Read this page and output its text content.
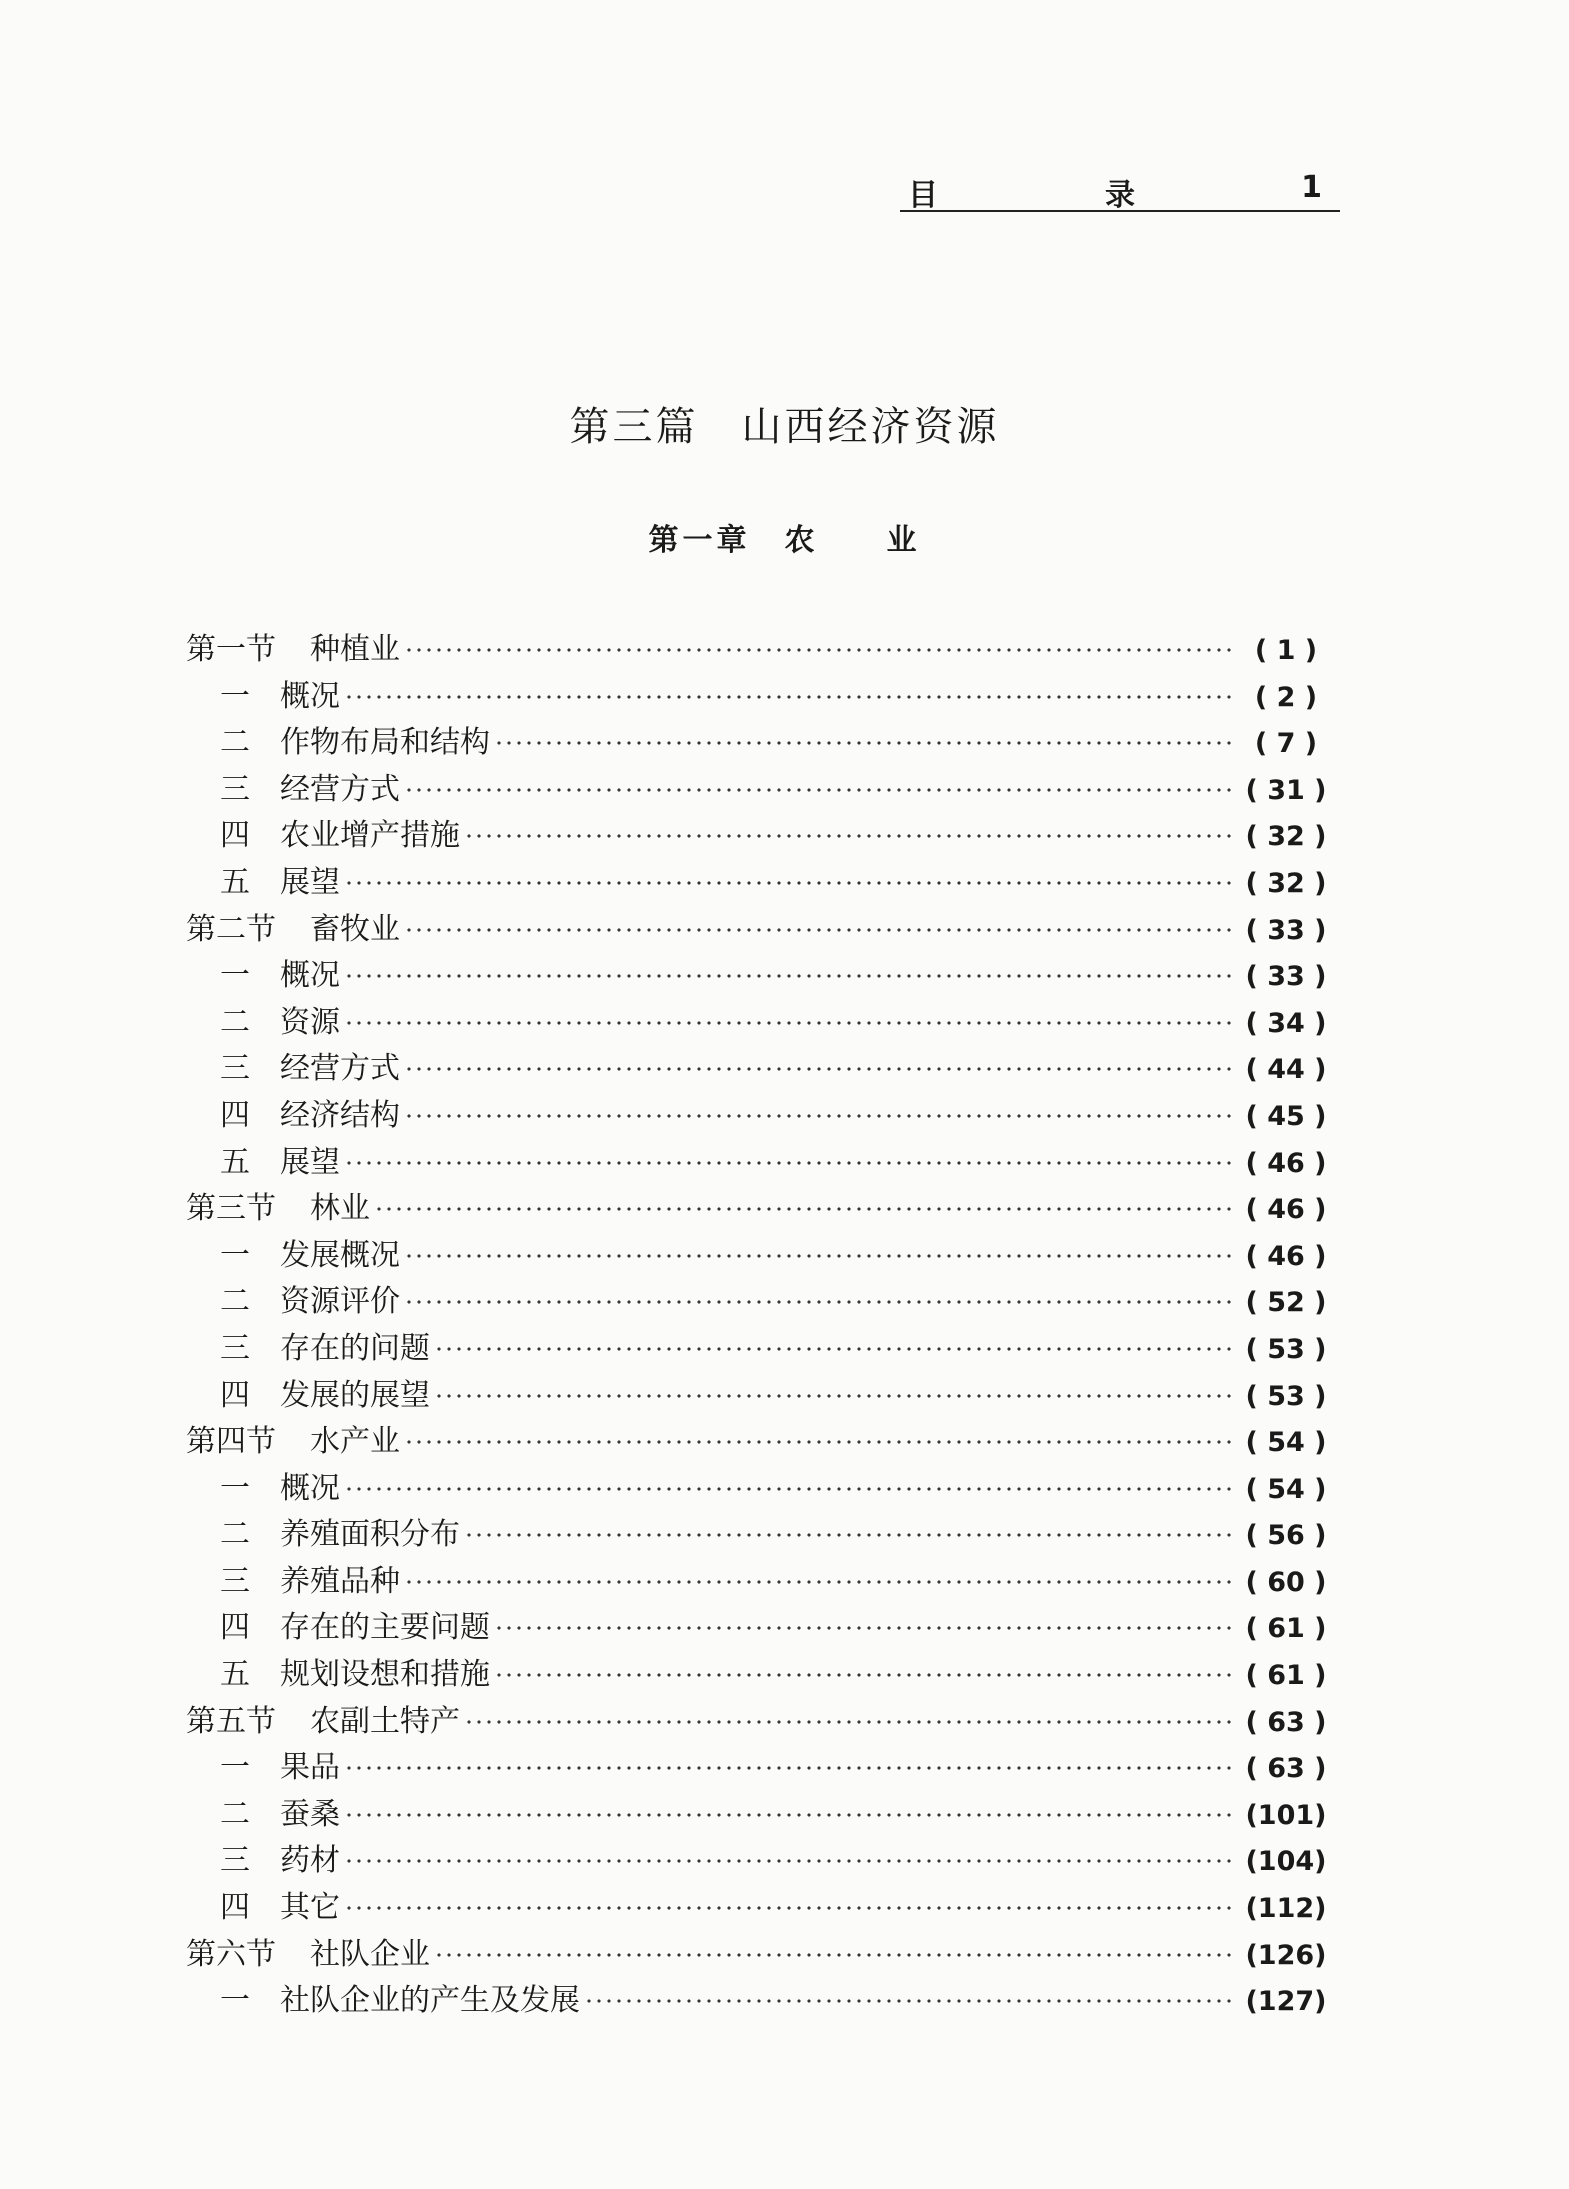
目	录	1
第三篇　山西经济资源
第一章　农　　业
第一节	种植业	( 1 )
一	概况	( 2 )
二	作物布局和结构	( 7 )
三	经营方式	( 31 )
四	农业增产措施	( 32 )
五	展望	( 32 )
第二节	畜牧业	( 33 )
一	概况	( 33 )
二	资源	( 34 )
三	经营方式	( 44 )
四	经济结构	( 45 )
五	展望	( 46 )
第三节	林业	( 46 )
一	发展概况	( 46 )
二	资源评价	( 52 )
三	存在的问题	( 53 )
四	发展的展望	( 53 )
第四节	水产业	( 54 )
一	概况	( 54 )
二	养殖面积分布	( 56 )
三	养殖品种	( 60 )
四	存在的主要问题	( 61 )
五	规划设想和措施	( 61 )
第五节	农副土特产	( 63 )
一	果品	( 63 )
二	蚕桑	(101)
三	药材	(104)
四	其它	(112)
第六节	社队企业	(126)
一	社队企业的产生及发展	(127)
